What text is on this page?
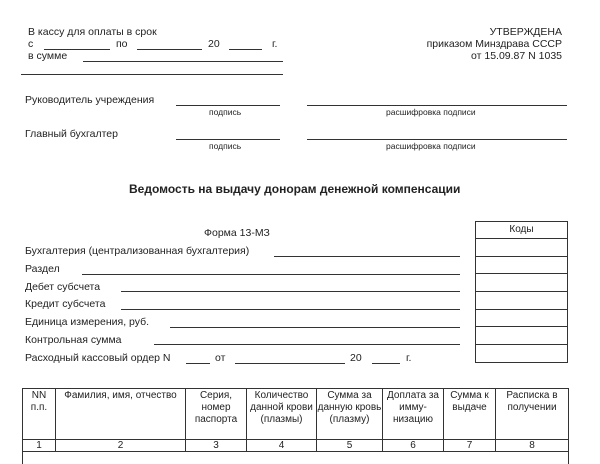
В кассу для оплаты в срок
с	по	20	г.
в сумме
УТВЕРЖДЕНА
приказом Минздрава СССР
от 15.09.87 N 1035
Руководитель учреждения
подпись	расшифровка подписи
Главный бухгалтер
подпись	расшифровка подписи
Ведомость на выдачу донорам денежной компенсации
Форма 13-МЗ	Коды
Бухгалтерия (централизованная бухгалтерия)
Раздел
Дебет субсчета
Кредит субсчета
Единица измерения, руб.
Контрольная сумма
Расходный кассовый ордер N	от	20	г.
NN п.п.	Фамилия, имя, отчество	Серия, номер паспорта	Количество данной крови (плазмы)	Сумма за данную кровь (плазму)	Доплата за имму-низацию	Сумма к выдаче	Расписка в получении
1	2	3	4	5	6	7	8
